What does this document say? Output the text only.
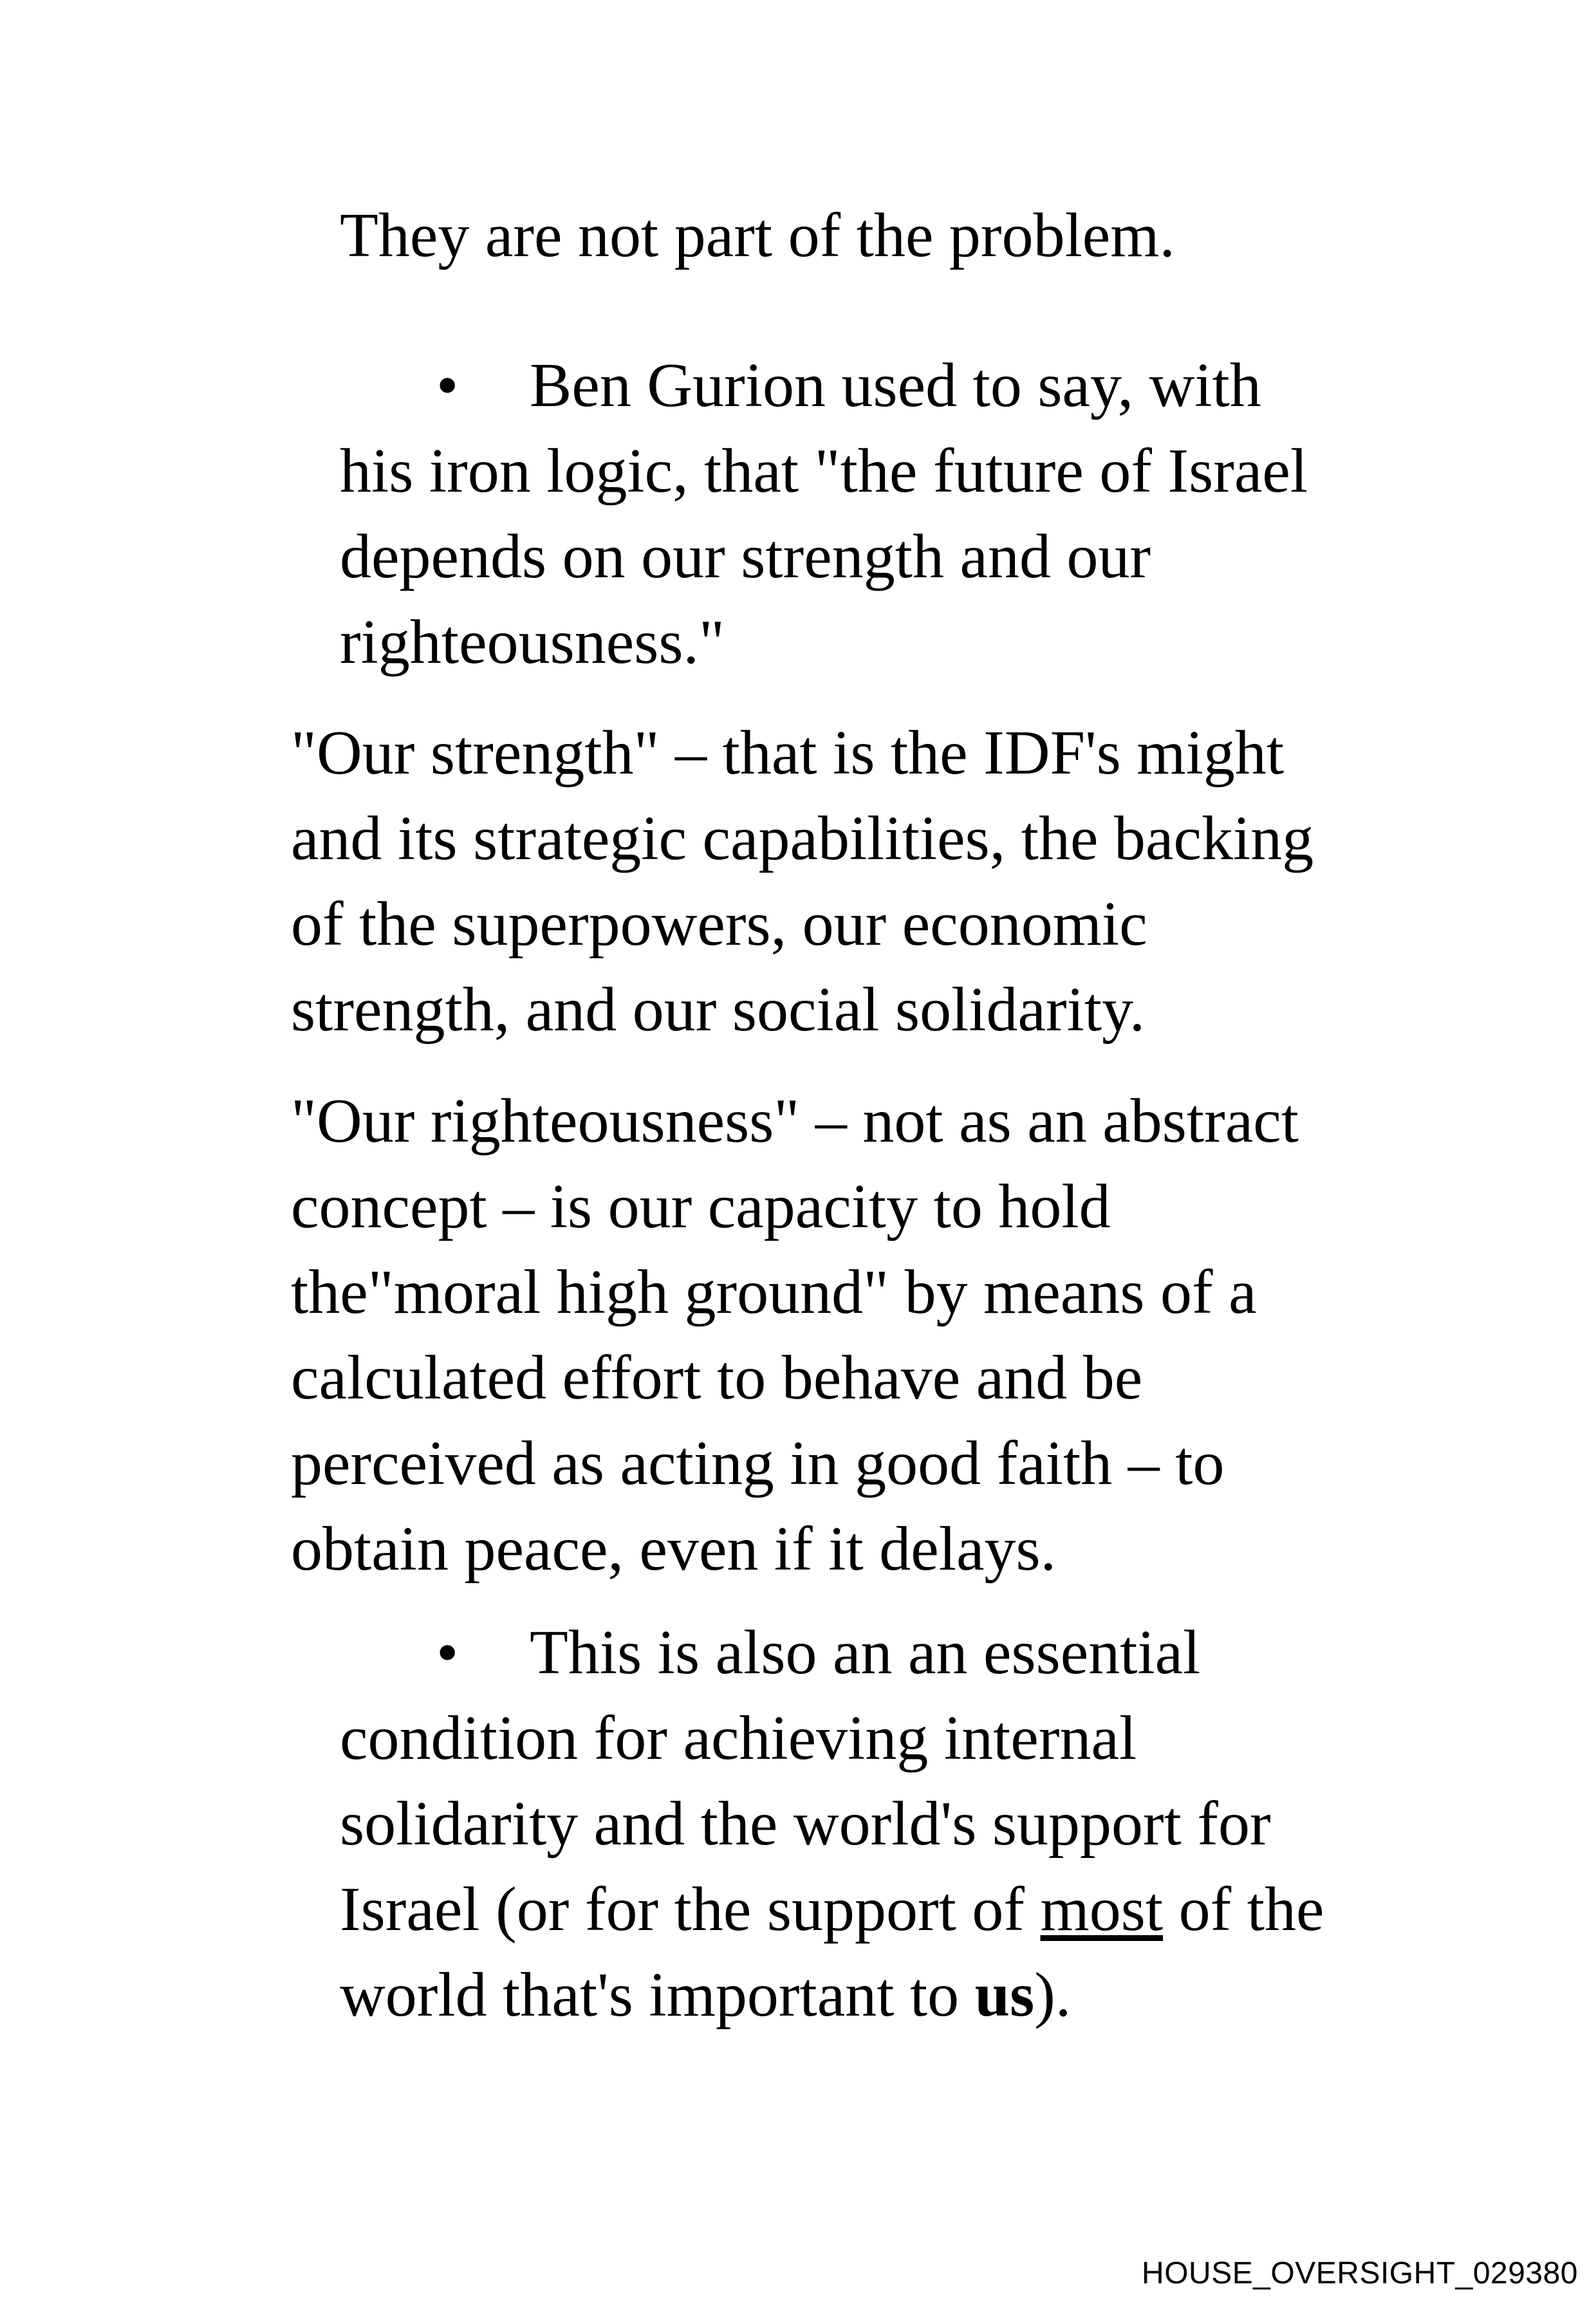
They are not part of the problem.

• Ben Gurion used to say, with
his iron logic, that "the future of Israel
depends on our strength and our
righteousness."

"Our strength" – that is the IDF's might
and its strategic capabilities, the backing
of the superpowers, our economic
strength, and our social solidarity.

"Our righteousness" – not as an abstract
concept – is our capacity to hold
the"moral high ground" by means of a
calculated effort to behave and be
perceived as acting in good faith – to
obtain peace, even if it delays.

• This is also an an essential
condition for achieving internal
solidarity and the world's support for
Israel (or for the support of most of the
world that's important to us).
HOUSE_OVERSIGHT_029380
